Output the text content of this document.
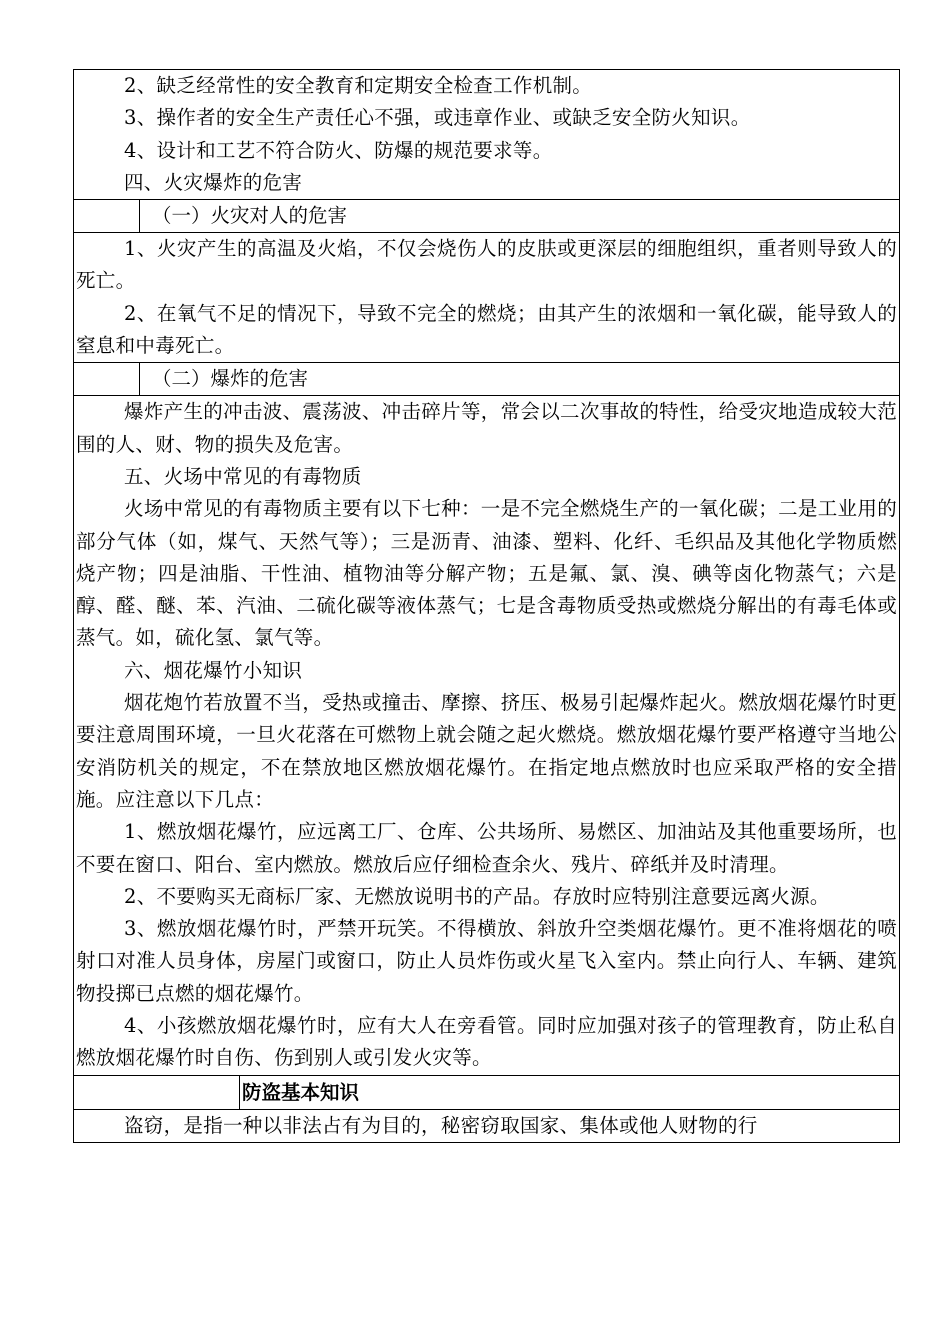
2、缺乏经常性的安全教育和定期安全检查工作机制。

3、操作者的安全生产责任心不强，或违章作业、或缺乏安全防火知识。

4、设计和工艺不符合防火、防爆的规范要求等。

四、火灾爆炸的危害

（一）火灾对人的危害

1、火灾产生的高温及火焰，不仅会烧伤人的皮肤或更深层的细胞组织，重者则导致人的死亡。

2、在氧气不足的情况下，导致不完全的燃烧；由其产生的浓烟和一氧化碳，能导致人的窒息和中毒死亡。

（二）爆炸的危害

爆炸产生的冲击波、震荡波、冲击碎片等，常会以二次事故的特性，给受灾地造成较大范围的人、财、物的损失及危害。

五、火场中常见的有毒物质

火场中常见的有毒物质主要有以下七种：一是不完全燃烧生产的一氧化碳；二是工业用的部分气体（如，煤气、天然气等）；三是沥青、油漆、塑料、化纤、毛织品及其他化学物质燃烧产物；四是油脂、干性油、植物油等分解产物；五是氟、氯、溴、碘等卤化物蒸气；六是醇、醛、醚、苯、汽油、二硫化碳等液体蒸气；七是含毒物质受热或燃烧分解出的有毒毛体或蒸气。如，硫化氢、氯气等。

六、烟花爆竹小知识

烟花炮竹若放置不当，受热或撞击、摩擦、挤压、极易引起爆炸起火。燃放烟花爆竹时更要注意周围环境，一旦火花落在可燃物上就会随之起火燃烧。燃放烟花爆竹要严格遵守当地公安消防机关的规定，不在禁放地区燃放烟花爆竹。在指定地点燃放时也应采取严格的安全措施。应注意以下几点：

1、燃放烟花爆竹，应远离工厂、仓库、公共场所、易燃区、加油站及其他重要场所，也不要在窗口、阳台、室内燃放。燃放后应仔细检查余火、残片、碎纸并及时清理。

2、不要购买无商标厂家、无燃放说明书的产品。存放时应特别注意要远离火源。

3、燃放烟花爆竹时，严禁开玩笑。不得横放、斜放升空类烟花爆竹。更不准将烟花的喷射口对准人员身体，房屋门或窗口，防止人员炸伤或火星飞入室内。禁止向行人、车辆、建筑物投掷已点燃的烟花爆竹。

4、小孩燃放烟花爆竹时，应有大人在旁看管。同时应加强对孩子的管理教育，防止私自燃放烟花爆竹时自伤、伤到别人或引发火灾等。

防盗基本知识

盗窃，是指一种以非法占有为目的，秘密窃取国家、集体或他人财物的行
